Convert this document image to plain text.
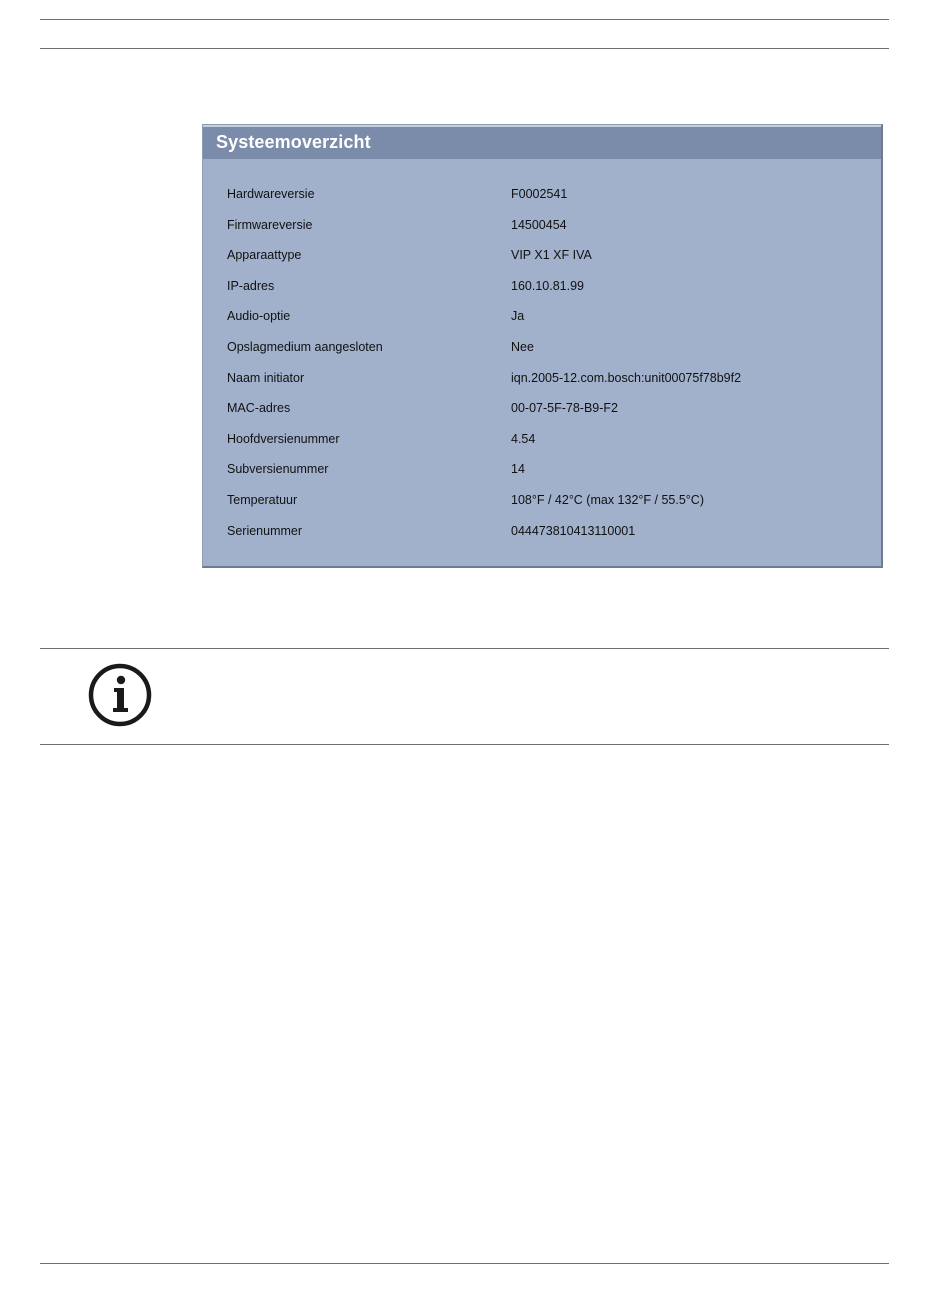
Systeemoverzicht
Hardwareversie	F0002541
Firmwareversie	14500454
Apparaattype	VIP X1 XF IVA
IP-adres	160.10.81.99
Audio-optie	Ja
Opslagmedium aangesloten	Nee
Naam initiator	iqn.2005-12.com.bosch:unit00075f78b9f2
MAC-adres	00-07-5F-78-B9-F2
Hoofdversienummer	4.54
Subversienummer	14
Temperatuur	108°F / 42°C (max 132°F / 55.5°C)
Serienummer	044473810413110001
